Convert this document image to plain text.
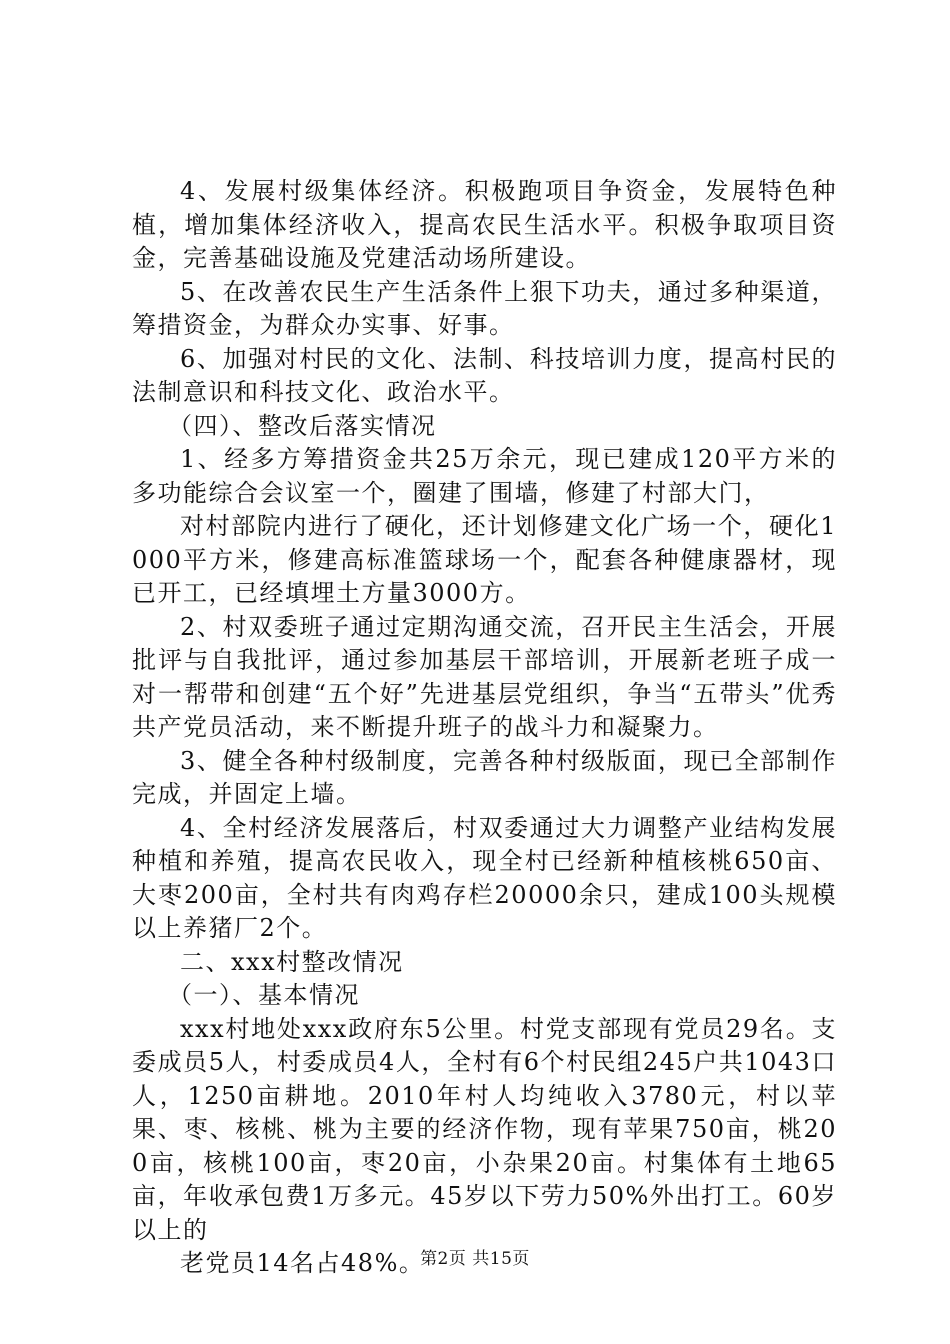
4、发展村级集体经济。积极跑项目争资金，发展特色种植，增加集体经济收入，提高农民生活水平。积极争取项目资金，完善基础设施及党建活动场所建设。

5、在改善农民生产生活条件上狠下功夫，通过多种渠道，筹措资金，为群众办实事、好事。

6、加强对村民的文化、法制、科技培训力度，提高村民的法制意识和科技文化、政治水平。

（四）、整改后落实情况

1、经多方筹措资金共25万余元，现已建成120平方米的多功能综合会议室一个，圈建了围墙，修建了村部大门，

对村部院内进行了硬化，还计划修建文化广场一个，硬化1000平方米，修建高标准篮球场一个，配套各种健康器材，现已开工，已经填埋土方量3000方。

2、村双委班子通过定期沟通交流，召开民主生活会，开展批评与自我批评，通过参加基层干部培训，开展新老班子成一对一帮带和创建“五个好”先进基层党组织，争当“五带头”优秀共产党员活动，来不断提升班子的战斗力和凝聚力。

3、健全各种村级制度，完善各种村级版面，现已全部制作完成，并固定上墙。

4、全村经济发展落后，村双委通过大力调整产业结构发展种植和养殖，提高农民收入，现全村已经新种植核桃650亩、大枣200亩，全村共有肉鸡存栏20000余只，建成100头规模以上养猪厂2个。

二、xxx村整改情况

（一）、基本情况

xxx村地处xxx政府东5公里。村党支部现有党员29名。支委成员5人，村委成员4人，全村有6个村民组245户共1043口人，1250亩耕地。2010年村人均纯收入3780元，村以苹果、枣、核桃、桃为主要的经济作物，现有苹果750亩，桃200亩，核桃100亩，枣20亩，小杂果20亩。村集体有土地65亩，年收承包费1万多元。45岁以下劳力50%外出打工。60岁以上的

老党员14名占48%。

第2页 共15页
